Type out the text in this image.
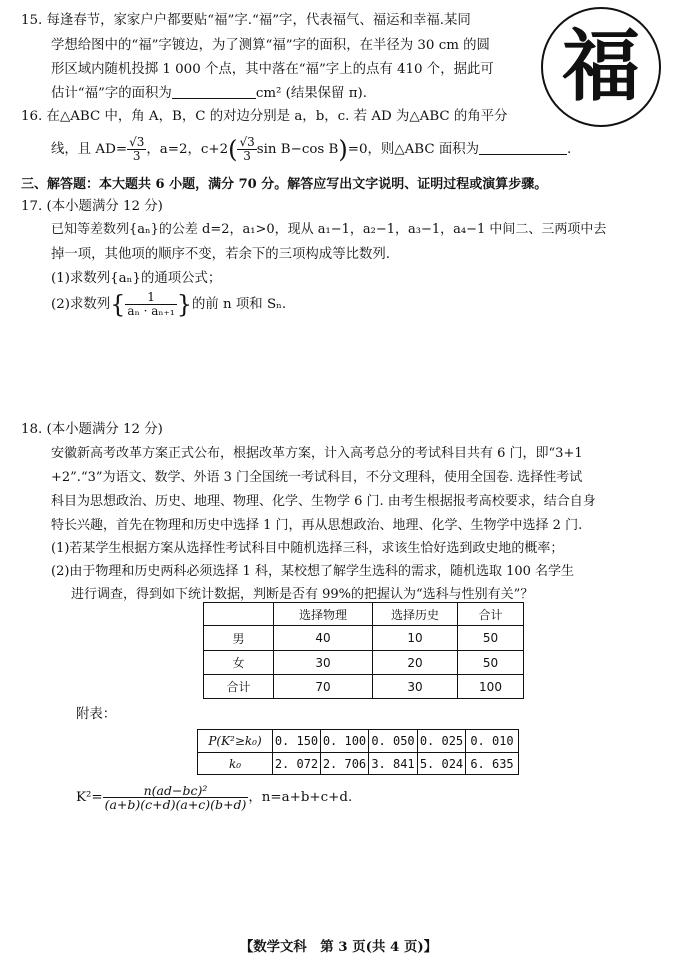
15. 每逢春节，家家户户都要贴“福”字.“福”字，代表福气、福运和幸福.某同
学想给图中的“福”字镀边，为了测算“福”字的面积，在半径为 30 cm 的圆
形区域内随机投掷 1 000 个点，其中落在“福”字上的点有 410 个，据此可
估计“福”字的面积为	cm² (结果保留 π).	福
16. 在△ABC 中，角 A，B，C 的对边分别是 a，b，c. 若 AD 为△ABC 的角平分
线，且 $AD= \frac{√3}{3}$ ，a=2，$c+2( \frac{√3}{3}$ sin B−cos B)=0，则△ABC 面积为	.
三、解答题：本大题共 6 小题，满分 70 分。解答应写出文字说明、证明过程或演算步骤。
17. (本小题满分 12 分)
已知等差数列{aₙ}的公差 d=2，a₁>0，现从 a₁−1，a₂−1，a₃−1，a₄−1 中间二、三两项中去
掉一项，其他项的顺序不变，若余下的三项构成等比数列.
(1)求数列{aₙ}的通项公式；
(2)求数列{ $\frac{1}{\text{aₙ · aₙ₊₁}}$ }的前 n 项和 Sₙ.
18. (本小题满分 12 分)
安徽新高考改革方案正式公布，根据改革方案，计入高考总分的考试科目共有 6 门，即“3+1
+2”.“3”为语文、数学、外语 3 门全国统一考试科目，不分文理科，使用全国卷. 选择性考试
科目为思想政治、历史、地理、物理、化学、生物学 6 门. 由考生根据报考高校要求，结合自身
特长兴趣，首先在物理和历史中选择 1 门，再从思想政治、地理、化学、生物学中选择 2 门.
(1)若某学生根据方案从选择性考试科目中随机选择三科，求该生恰好选到政史地的概率；
(2)由于物理和历史两科必须选择 1 科，某校想了解学生选科的需求，随机选取 100 名学生
进行调查，得到如下统计数据，判断是否有 99%的把握认为“选科与性别有关”？
	选择物理	选择历史	合计
男	40	10	50
女	30	20	50
合计	70	30	100
附表：
P(K²≥k₀)	0. 150	0. 100	0. 050	0. 025	0. 010
k₀	2. 072	2. 706	3. 841	5. 024	6. 635
$K^2= \frac{\text{n(ad−bc)²}}{(a+b)(c+d)(a+c)(b+d)}$ ，n=a+b+c+d.
【数学文科　第 3 页(共 4 页)】
